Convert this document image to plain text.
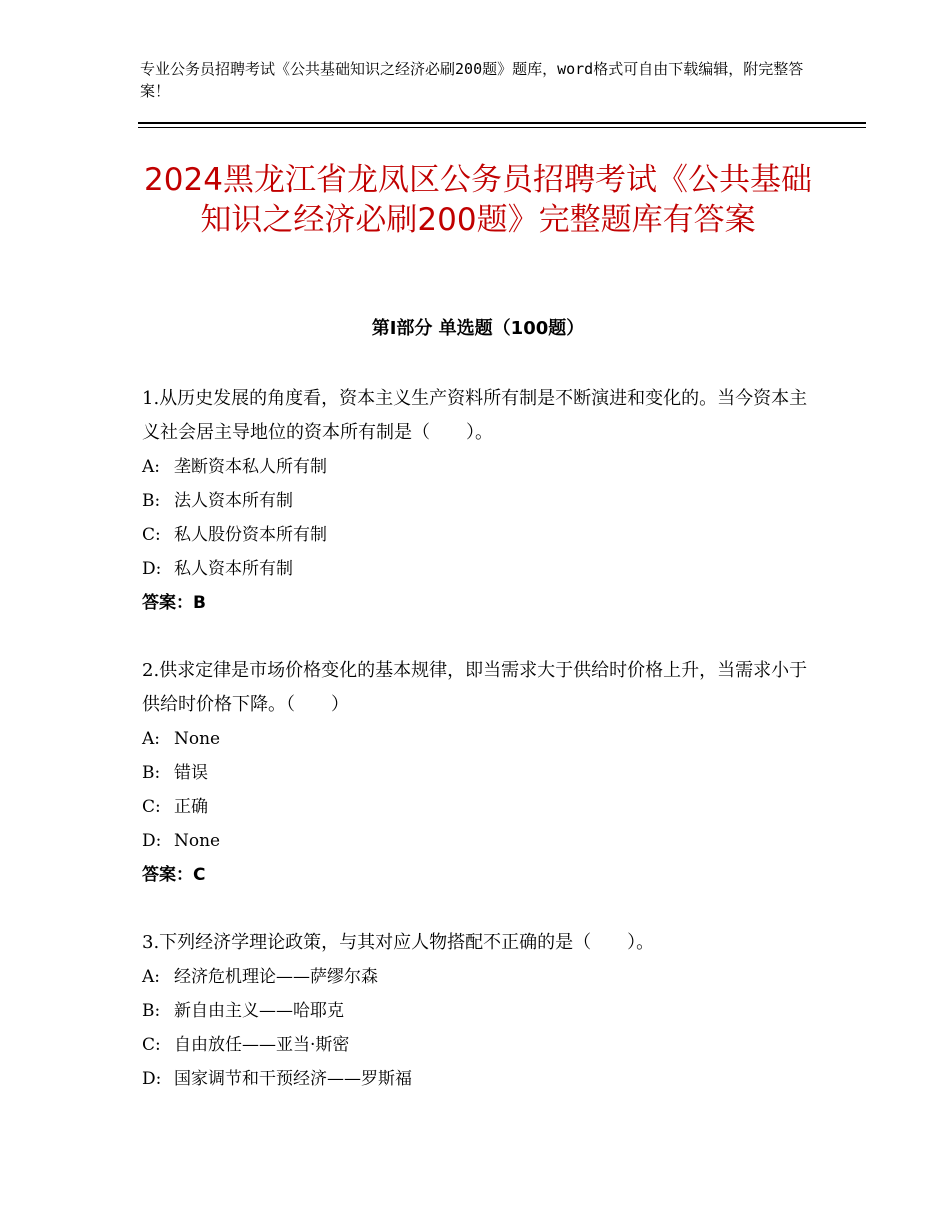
专业公务员招聘考试《公共基础知识之经济必刷200题》题库，word格式可自由下载编辑，附完整答案！
2024黑龙江省龙凤区公务员招聘考试《公共基础知识之经济必刷200题》完整题库有答案
第Ⅰ部分 单选题（100题）
1.从历史发展的角度看，资本主义生产资料所有制是不断演进和变化的。当今资本主义社会居主导地位的资本所有制是（　　）。
A: 垄断资本私人所有制
B: 法人资本所有制
C: 私人股份资本所有制
D: 私人资本所有制
答案：B
2.供求定律是市场价格变化的基本规律，即当需求大于供给时价格上升，当需求小于供给时价格下降。（　　）
A: None
B: 错误
C: 正确
D: None
答案：C
3.下列经济学理论政策，与其对应人物搭配不正确的是（　　）。
A: 经济危机理论——萨缪尔森
B: 新自由主义——哈耶克
C: 自由放任——亚当·斯密
D: 国家调节和干预经济——罗斯福
